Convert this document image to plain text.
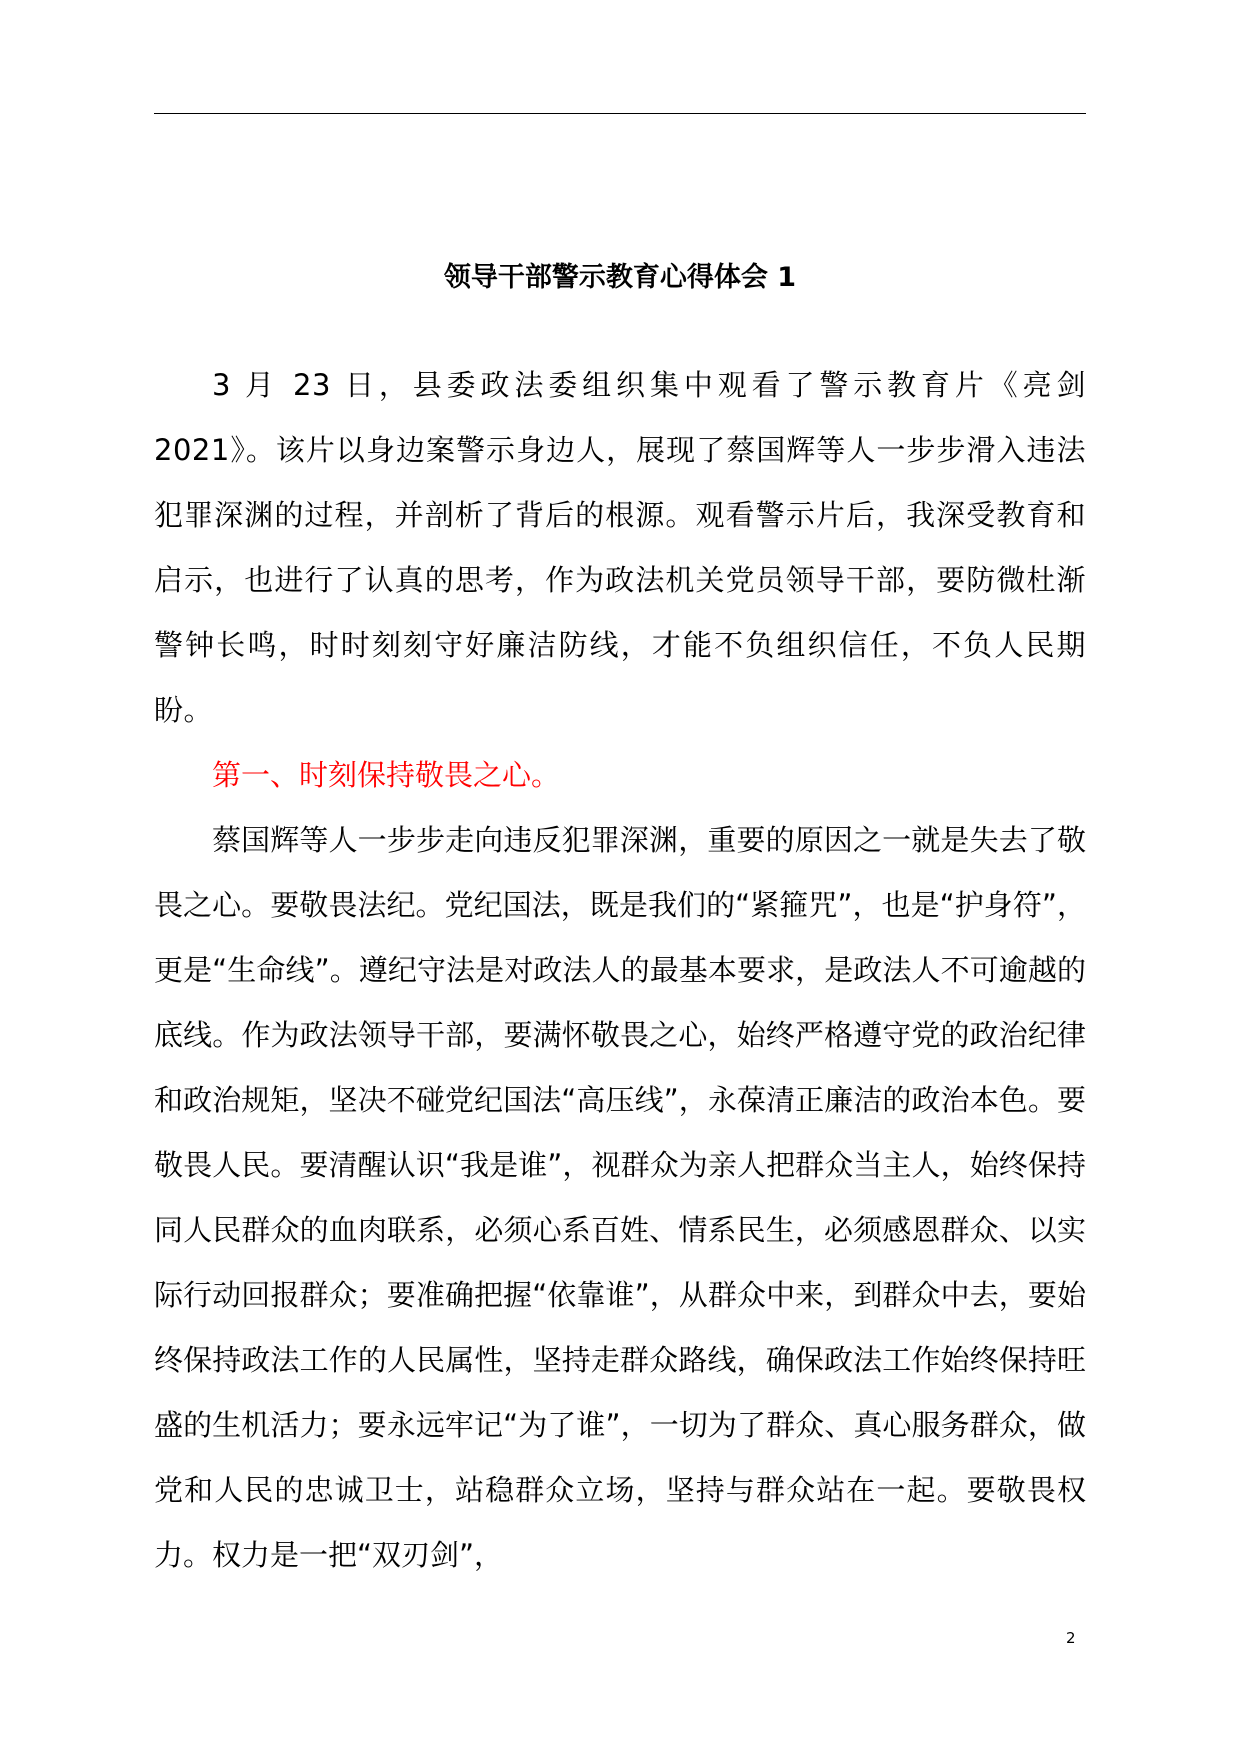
领导干部警示教育心得体会 1

3 月 23 日，县委政法委组织集中观看了警示教育片《亮剑 2021》。该片以身边案警示身边人，展现了蔡国辉等人一步步滑入违法犯罪深渊的过程，并剖析了背后的根源。观看警示片后，我深受教育和启示，也进行了认真的思考，作为政法机关党员领导干部，要防微杜渐警钟长鸣，时时刻刻守好廉洁防线，才能不负组织信任，不负人民期盼。

第一、时刻保持敬畏之心。

蔡国辉等人一步步走向违反犯罪深渊，重要的原因之一就是失去了敬畏之心。要敬畏法纪。党纪国法，既是我们的“紧箍咒”，也是“护身符”，更是“生命线”。遵纪守法是对政法人的最基本要求，是政法人不可逾越的底线。作为政法领导干部，要满怀敬畏之心，始终严格遵守党的政治纪律和政治规矩，坚决不碰党纪国法“高压线”，永葆清正廉洁的政治本色。要敬畏人民。要清醒认识“我是谁”，视群众为亲人把群众当主人，始终保持同人民群众的血肉联系，必须心系百姓、情系民生，必须感恩群众、以实际行动回报群众；要准确把握“依靠谁”，从群众中来，到群众中去，要始终保持政法工作的人民属性，坚持走群众路线，确保政法工作始终保持旺盛的生机活力；要永远牢记“为了谁”，一切为了群众、真心服务群众，做党和人民的忠诚卫士，站稳群众立场，坚持与群众站在一起。要敬畏权力。权力是一把“双刃剑”，

2
